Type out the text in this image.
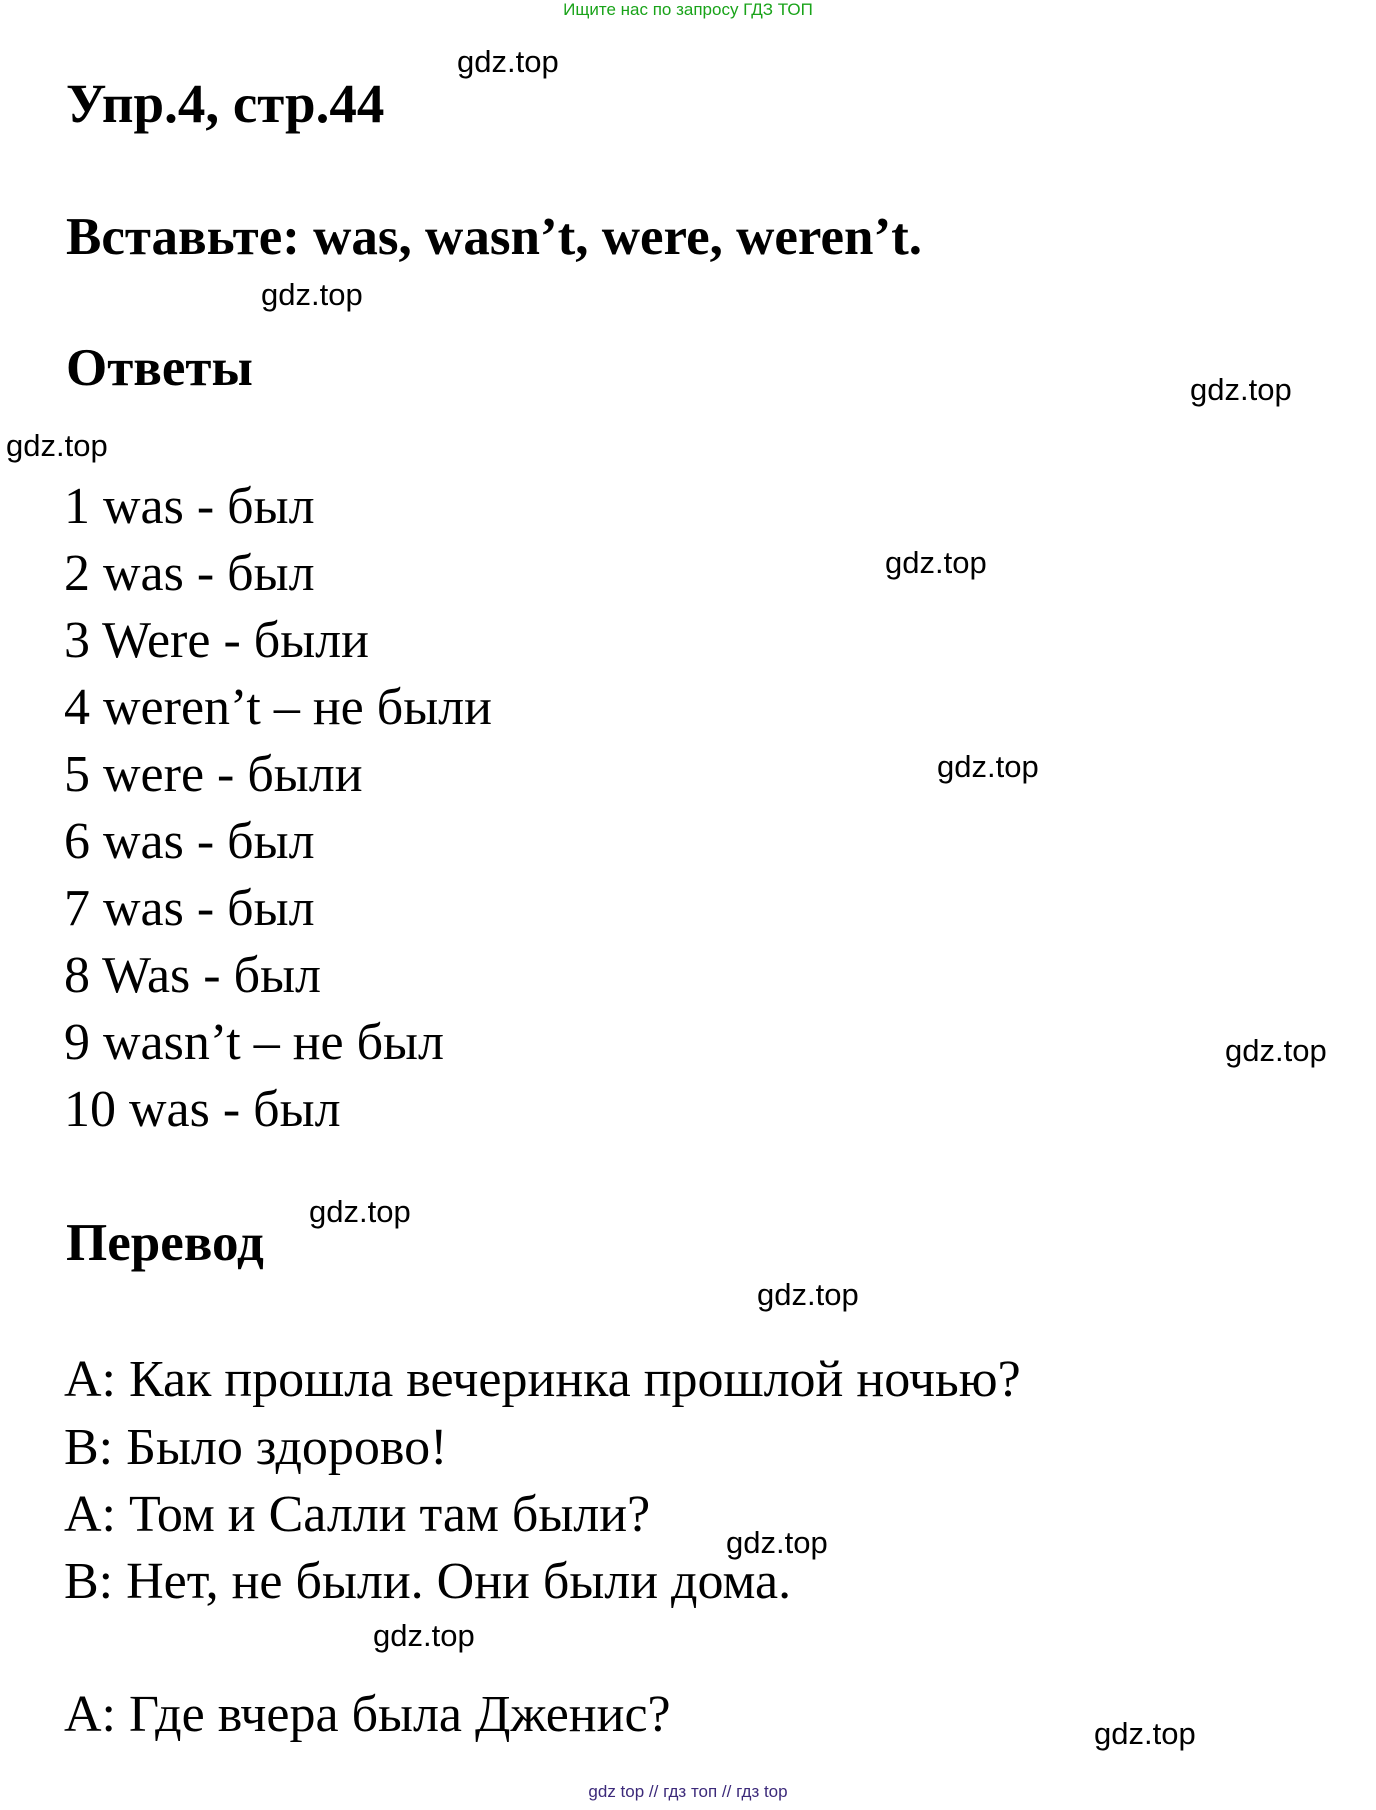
Ищите нас по запросу ГДЗ ТОП
Упр.4, стр.44
Вставьте: was, wasn’t, were, weren’t.
Ответы
1 was - был
2 was - был
3 Were - были
4 weren’t – не были
5 were - были
6 was - был
7 was - был
8 Was - был
9 wasn’t – не был
10 was - был
Перевод
A: Как прошла вечеринка прошлой ночью?
B: Было здорово!
A: Том и Салли там были?
B: Нет, не были. Они были дома.
A: Где вчера была Дженис?
gdz.top
gdz.top
gdz.top
gdz.top
gdz.top
gdz.top
gdz.top
gdz.top
gdz.top
gdz.top
gdz.top
gdz.top
gdz top // гдз топ // гдз top
